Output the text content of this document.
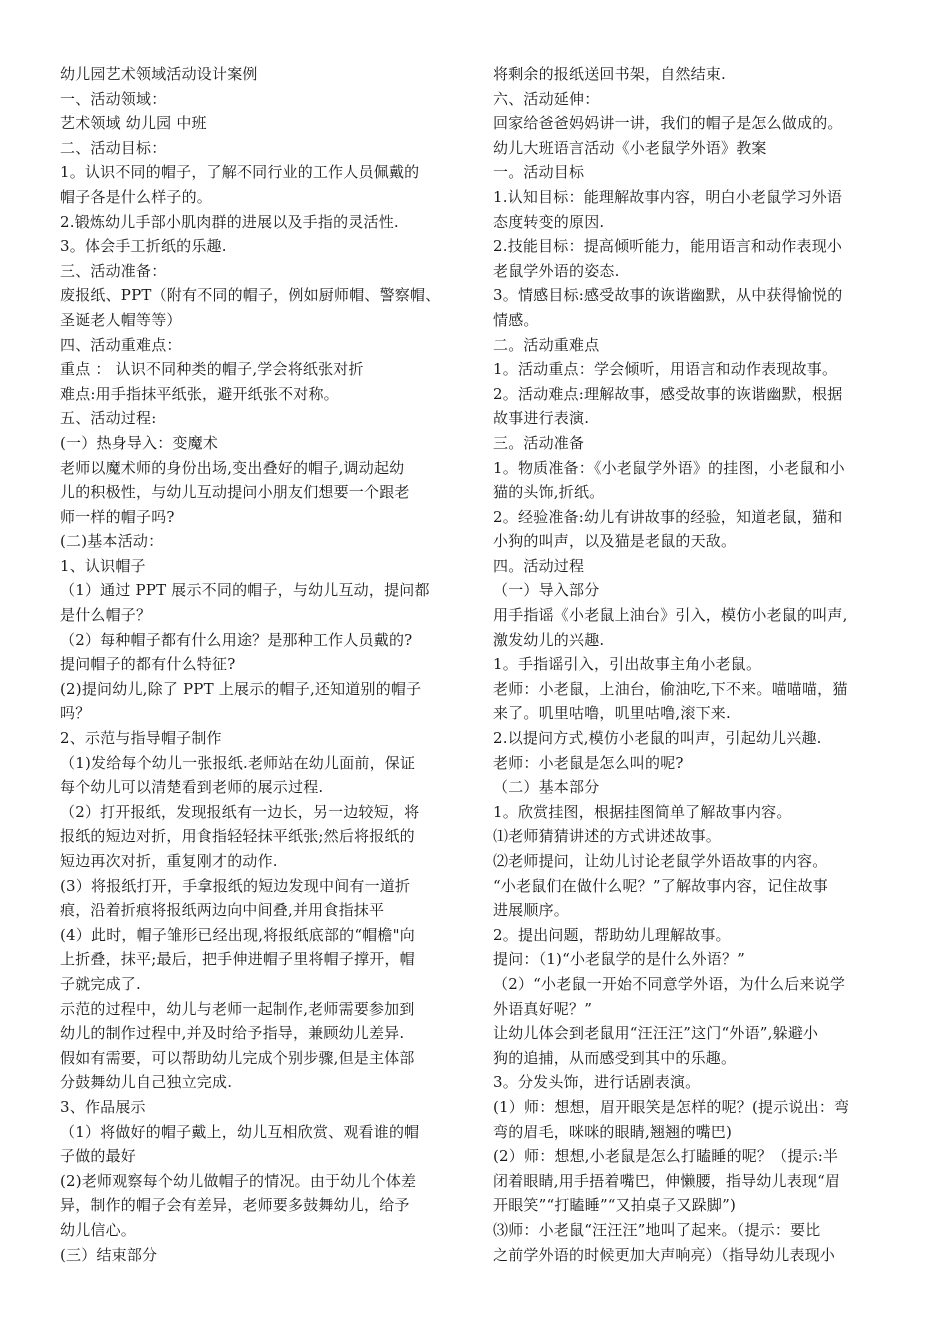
幼儿园艺术领域活动设计案例
一、活动领域：
艺术领域 幼儿园 中班
二、活动目标：
1。认识不同的帽子，了解不同行业的工作人员佩戴的
帽子各是什么样子的。
2.锻炼幼儿手部小肌肉群的进展以及手指的灵活性.
3。体会手工折纸的乐趣.
三、活动准备：
废报纸、PPT（附有不同的帽子，例如厨师帽、警察帽、
圣诞老人帽等等）
四、活动重难点：
重点 ： 认识不同种类的帽子,学会将纸张对折
难点:用手指抹平纸张，避开纸张不对称。
五、活动过程:
(一）热身导入：变魔术
老师以魔术师的身份出场,变出叠好的帽子,调动起幼
儿的积极性，与幼儿互动提问小朋友们想要一个跟老
师一样的帽子吗?
(二)基本活动：
1、认识帽子
（1）通过 PPT 展示不同的帽子，与幼儿互动，提问都
是什么帽子？
（2）每种帽子都有什么用途？是那种工作人员戴的?
提问帽子的都有什么特征?
(2)提问幼儿,除了 PPT 上展示的帽子,还知道别的帽子
吗？
2、示范与指导帽子制作
（1)发给每个幼儿一张报纸.老师站在幼儿面前，保证
每个幼儿可以清楚看到老师的展示过程.
（2）打开报纸，发现报纸有一边长，另一边较短，将
报纸的短边对折，用食指轻轻抹平纸张;然后将报纸的
短边再次对折，重复刚才的动作.
(3）将报纸打开，手拿报纸的短边发现中间有一道折
痕，沿着折痕将报纸两边向中间叠,并用食指抹平
(4）此时，帽子雏形已经出现,将报纸底部的“帽檐"向
上折叠，抹平;最后，把手伸进帽子里将帽子撑开，帽
子就完成了.
示范的过程中，幼儿与老师一起制作,老师需要参加到
幼儿的制作过程中,并及时给予指导，兼顾幼儿差异.
假如有需要，可以帮助幼儿完成个别步骤,但是主体部
分鼓舞幼儿自己独立完成.
3、作品展示
（1）将做好的帽子戴上，幼儿互相欣赏、观看谁的帽
子做的最好
(2)老师观察每个幼儿做帽子的情况。由于幼儿个体差
异，制作的帽子会有差异，老师要多鼓舞幼儿，给予
幼儿信心。
(三）结束部分
将剩余的报纸送回书架，自然结束.
六、活动延伸：
回家给爸爸妈妈讲一讲，我们的帽子是怎么做成的。
幼儿大班语言活动《小老鼠学外语》教案
一。活动目标
1.认知目标：能理解故事内容，明白小老鼠学习外语
态度转变的原因.
2.技能目标：提高倾听能力，能用语言和动作表现小
老鼠学外语的姿态.
3。情感目标:感受故事的诙谐幽默，从中获得愉悦的
情感。
二。活动重难点
1。活动重点：学会倾听，用语言和动作表现故事。
2。活动难点:理解故事，感受故事的诙谐幽默，根据
故事进行表演.
三。活动准备
1。物质准备：《小老鼠学外语》的挂图，小老鼠和小
猫的头饰,折纸。
2。经验准备:幼儿有讲故事的经验，知道老鼠，猫和
小狗的叫声，以及猫是老鼠的天敌。
四。活动过程
（一）导入部分
用手指谣《小老鼠上油台》引入，模仿小老鼠的叫声,
激发幼儿的兴趣.
1。手指谣引入，引出故事主角小老鼠。
老师：小老鼠，上油台，偷油吃,下不来。喵喵喵，猫
来了。叽里咕噜，叽里咕噜,滚下来.
2.以提问方式,模仿小老鼠的叫声，引起幼儿兴趣.
老师：小老鼠是怎么叫的呢?
（二）基本部分
1。欣赏挂图，根据挂图简单了解故事内容。
⑴老师猜猜讲述的方式讲述故事。
⑵老师提问，让幼儿讨论老鼠学外语故事的内容。
“小老鼠们在做什么呢？”了解故事内容，记住故事
进展顺序。
2。提出问题，帮助幼儿理解故事。
提问：（1)“小老鼠学的是什么外语？”
（2）“小老鼠一开始不同意学外语，为什么后来说学
外语真好呢？”
让幼儿体会到老鼠用“汪汪汪”这门“外语”,躲避小
狗的追捕，从而感受到其中的乐趣。
3。分发头饰，进行话剧表演。
(1）师：想想，眉开眼笑是怎样的呢？(提示说出：弯
弯的眉毛，咪咪的眼睛,翘翘的嘴巴)
(2）师：想想,小老鼠是怎么打瞌睡的呢？（提示:半
闭着眼睛,用手捂着嘴巴，伸懒腰，指导幼儿表现“眉
开眼笑”“打瞌睡”“又拍桌子又跺脚”)
⑶师：小老鼠“汪汪汪”地叫了起来。（提示：要比
之前学外语的时候更加大声响亮）（指导幼儿表现小
